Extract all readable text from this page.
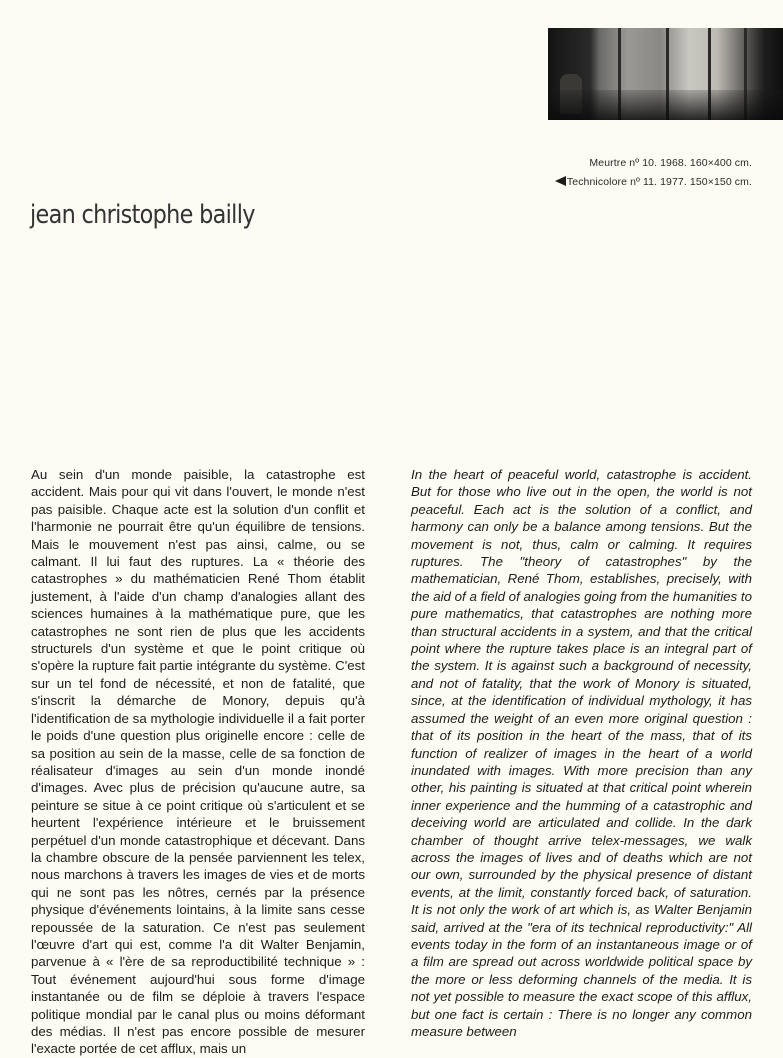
Meurtre nº 10. 1968. 160×400 cm.
Technicolore nº 11. 1977. 150×150 cm.
jean christophe bailly

Au sein d'un monde paisible, la catastrophe est accident. Mais pour qui vit dans l'ouvert, le monde n'est pas paisible. Chaque acte est la solution d'un conflit et l'harmonie ne pourrait être qu'un équilibre de tensions. Mais le mouvement n'est pas ainsi, calme, ou se calmant. Il lui faut des ruptures. La « théorie des catastrophes » du mathématicien René Thom établit justement, à l'aide d'un champ d'analogies allant des sciences humaines à la mathématique pure, que les catastrophes ne sont rien de plus que les accidents structurels d'un système et que le point critique où s'opère la rupture fait partie intégrante du système. C'est sur un tel fond de nécessité, et non de fatalité, que s'inscrit la démarche de Monory, depuis qu'à l'identification de sa mythologie individuelle il a fait porter le poids d'une question plus originelle encore : celle de sa position au sein de la masse, celle de sa fonction de réalisateur d'images au sein d'un monde inondé d'images. Avec plus de précision qu'aucune autre, sa peinture se situe à ce point critique où s'articulent et se heurtent l'expérience intérieure et le bruissement perpétuel d'un monde catastrophique et décevant. Dans la chambre obscure de la pensée parviennent les telex, nous marchons à travers les images de vies et de morts qui ne sont pas les nôtres, cernés par la présence physique d'événements lointains, à la limite sans cesse repoussée de la saturation. Ce n'est pas seulement l'œuvre d'art qui est, comme l'a dit Walter Benjamin, parvenue à « l'ère de sa reproductibilité technique » : Tout événement aujourd'hui sous forme d'image instantanée ou de film se déploie à travers l'espace politique mondial par le canal plus ou moins déformant des médias. Il n'est pas encore possible de mesurer l'exacte portée de cet afflux, mais un

In the heart of peaceful world, catastrophe is accident. But for those who live out in the open, the world is not peaceful. Each act is the solution of a conflict, and harmony can only be a balance among tensions. But the movement is not, thus, calm or calming. It requires ruptures. The "theory of catastrophes" by the mathematician, René Thom, establishes, precisely, with the aid of a field of analogies going from the humanities to pure mathematics, that catastrophes are nothing more than structural accidents in a system, and that the critical point where the rupture takes place is an integral part of the system. It is against such a background of necessity, and not of fatality, that the work of Monory is situated, since, at the identification of individual mythology, it has assumed the weight of an even more original question : that of its position in the heart of the mass, that of its function of realizer of images in the heart of a world inundated with images. With more precision than any other, his painting is situated at that critical point wherein inner experience and the humming of a catastrophic and deceiving world are articulated and collide. In the dark chamber of thought arrive telex-messages, we walk across the images of lives and of deaths which are not our own, surrounded by the physical presence of distant events, at the limit, constantly forced back, of saturation. It is not only the work of art which is, as Walter Benjamin said, arrived at the "era of its technical reproductivity:" All events today in the form of an instantaneous image or of a film are spread out across worldwide political space by the more or less deforming channels of the media. It is not yet possible to measure the exact scope of this afflux, but one fact is certain : There is no longer any common measure between
